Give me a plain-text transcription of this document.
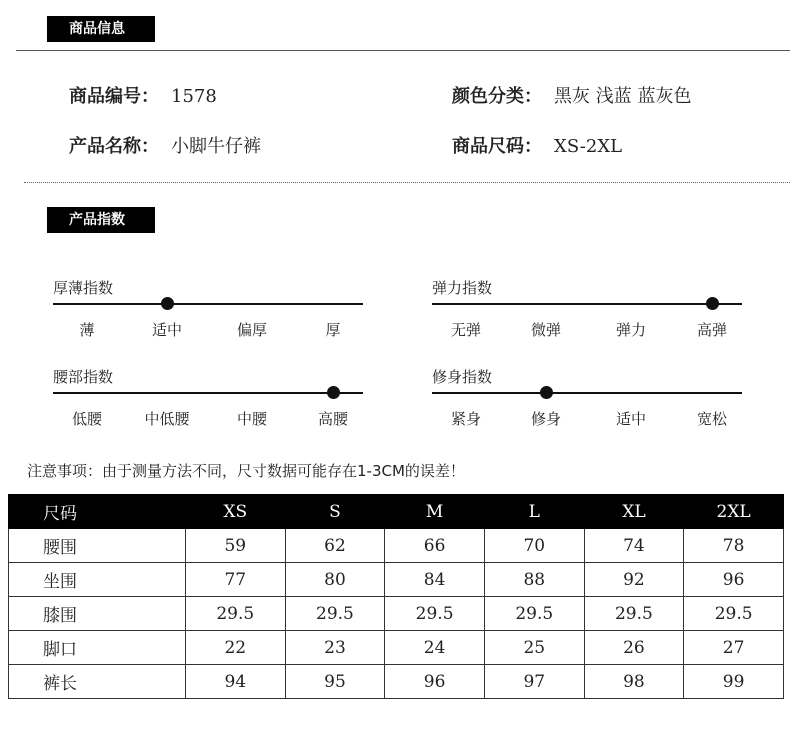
商品信息
商品编号： 1578
产品名称： 小脚牛仔裤
颜色分类： 黑灰 浅蓝 蓝灰色
商品尺码： XS-2XL
产品指数
厚薄指数
薄	适中	偏厚	厚
弹力指数
无弹	微弹	弹力	高弹
腰部指数
低腰	中低腰	中腰	高腰
修身指数
紧身	修身	适中	宽松
注意事项：由于测量方法不同，尺寸数据可能存在1-3CM的误差！
尺码	XS	S	M	L	XL	2XL
腰围	59	62	66	70	74	78
坐围	77	80	84	88	92	96
膝围	29.5	29.5	29.5	29.5	29.5	29.5
脚口	22	23	24	25	26	27
裤长	94	95	96	97	98	99
